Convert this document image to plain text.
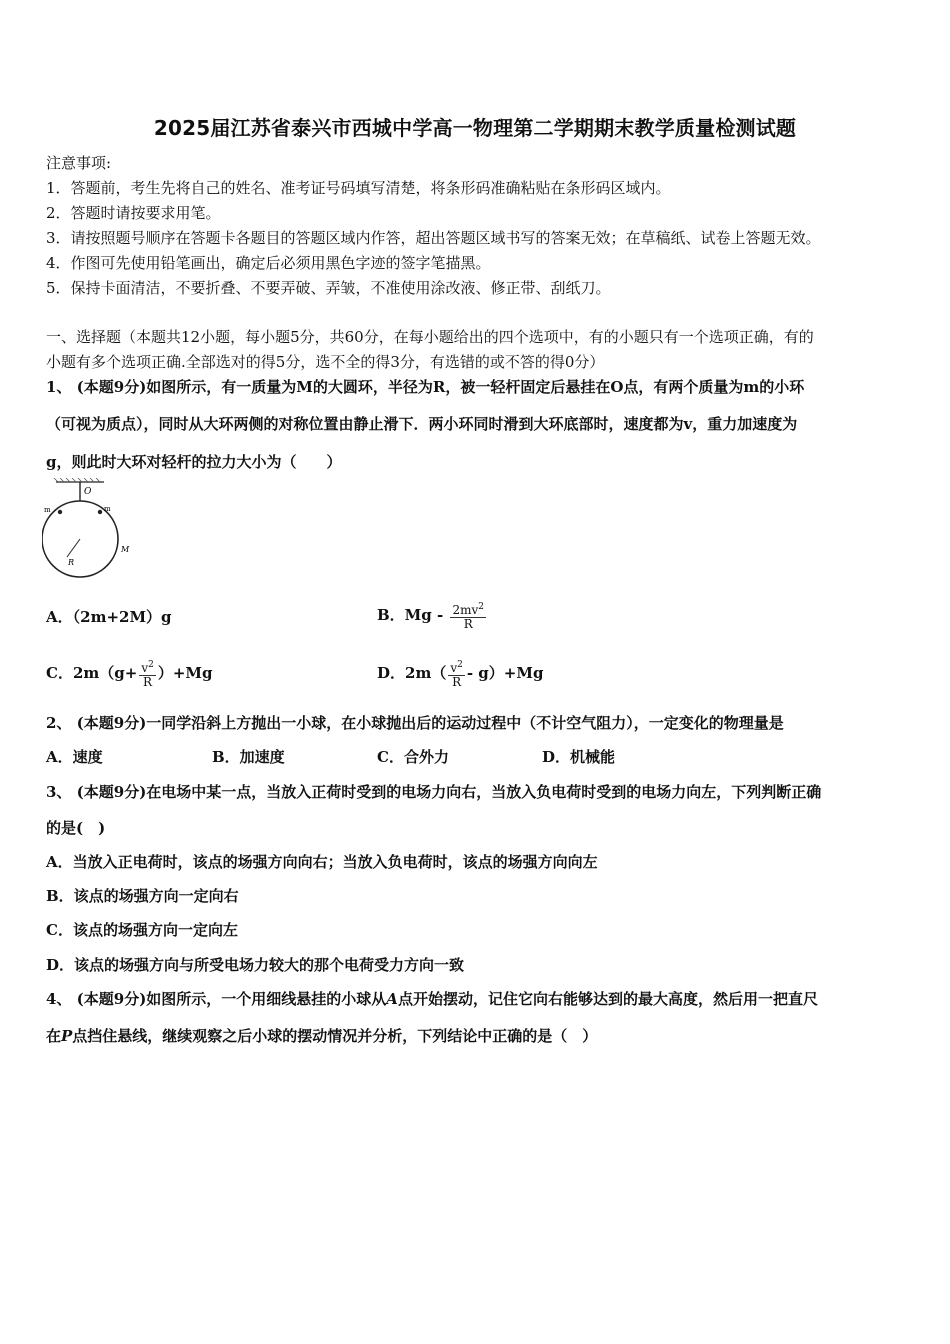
2025届江苏省泰兴市西城中学高一物理第二学期期末教学质量检测试题
注意事项:
1．答题前，考生先将自己的姓名、准考证号码填写清楚，将条形码准确粘贴在条形码区域内。
2．答题时请按要求用笔。
3．请按照题号顺序在答题卡各题目的答题区域内作答，超出答题区域书写的答案无效；在草稿纸、试卷上答题无效。
4．作图可先使用铅笔画出，确定后必须用黑色字迹的签字笔描黑。
5．保持卡面清洁，不要折叠、不要弄破、弄皱，不准使用涂改液、修正带、刮纸刀。
一、选择题（本题共12小题，每小题5分，共60分，在每小题给出的四个选项中，有的小题只有一个选项正确，有的
小题有多个选项正确.全部选对的得5分，选不全的得3分，有选错的或不答的得0分）
1、 (本题9分)如图所示，有一质量为M的大圆环，半径为R，被一轻杆固定后悬挂在O点，有两个质量为m的小环
（可视为质点），同时从大环两侧的对称位置由静止滑下．两小环同时滑到大环底部时，速度都为v，重力加速度为
g，则此时大环对轻杆的拉力大小为（　　）
O
m	m
R
M
A．（2m+2M）g	B．Mg - $\frac{2mv^2}{R}$
C．$2m(g+ \frac{v^2}{R} )+Mg$	D．$2m( \frac{v^2}{R} - g)+Mg$
2、 (本题9分)一同学沿斜上方抛出一小球，在小球抛出后的运动过程中（不计空气阻力），一定变化的物理量是
A．速度	B．加速度	C．合外力	D．机械能
3、 (本题9分)在电场中某一点，当放入正荷时受到的电场力向右，当放入负电荷时受到的电场力向左，下列判断正确
的是(　)
A．当放入正电荷时，该点的场强方向向右；当放入负电荷时，该点的场强方向向左
B．该点的场强方向一定向右
C．该点的场强方向一定向左
D．该点的场强方向与所受电场力较大的那个电荷受力方向一致
4、 (本题9分)如图所示，一个用细线悬挂的小球从A点开始摆动，记住它向右能够达到的最大高度，然后用一把直尺
在P点挡住悬线，继续观察之后小球的摆动情况并分析，下列结论中正确的是（　）
